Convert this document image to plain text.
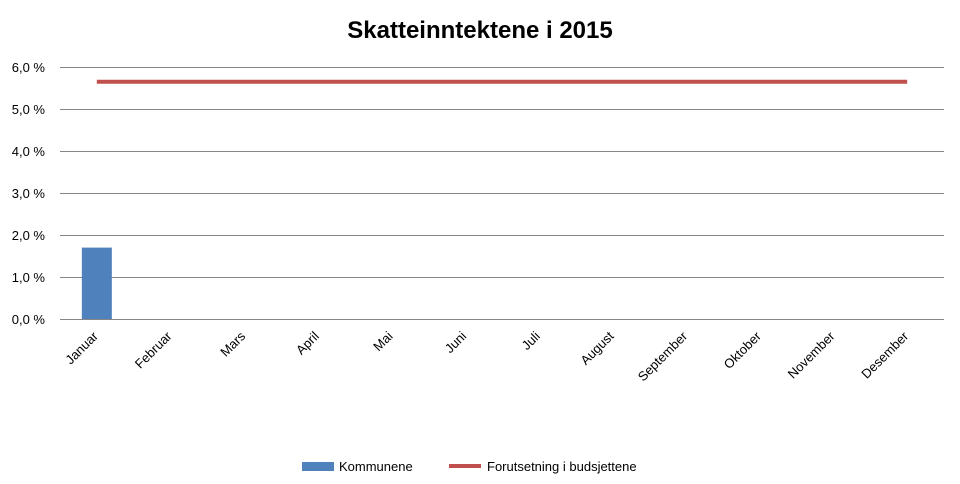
Skatteinntektene i 2015
0,0 %
1,0 %
2,0 %
3,0 %
4,0 %
5,0 %
6,0 %
Januar Februar	Mars	April	Mai	Juni	Juli	August September Oktober November Desember
Kommunene	Forutsetning i budsjettene
